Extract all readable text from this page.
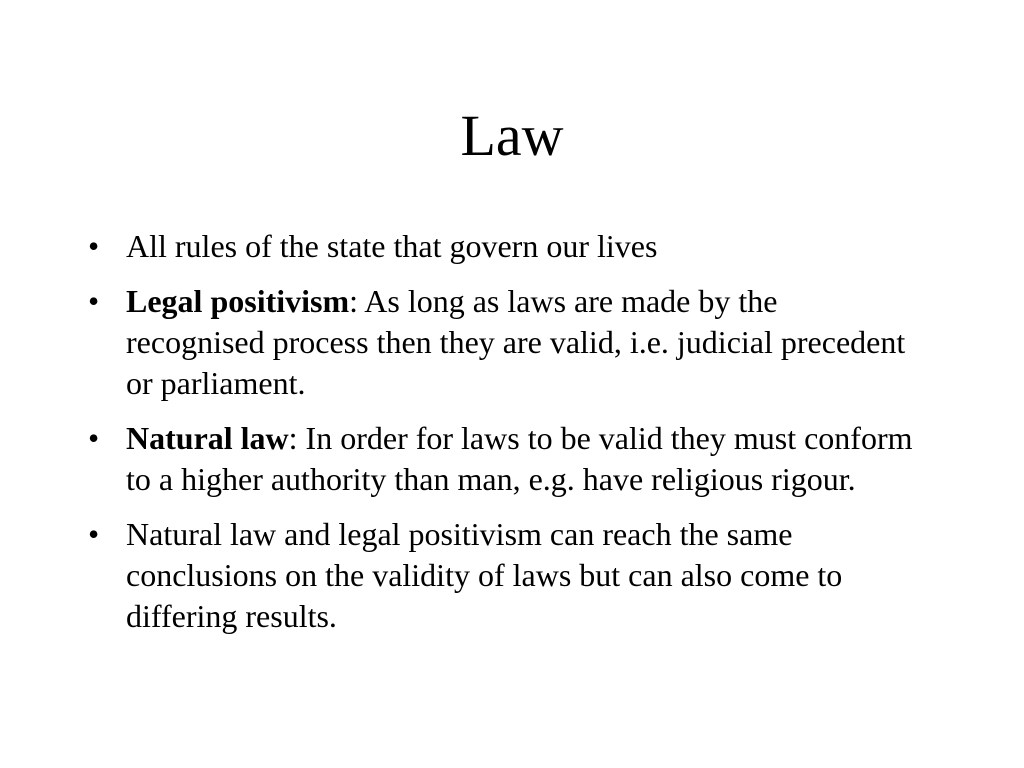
Law
• All rules of the state that govern our lives
• Legal positivism: As long as laws are made by the recognised process then they are valid, i.e. judicial precedent or parliament.
• Natural law: In order for laws to be valid they must conform to a higher authority than man, e.g. have religious rigour.
• Natural law and legal positivism can reach the same conclusions on the validity of laws but can also come to differing results.
